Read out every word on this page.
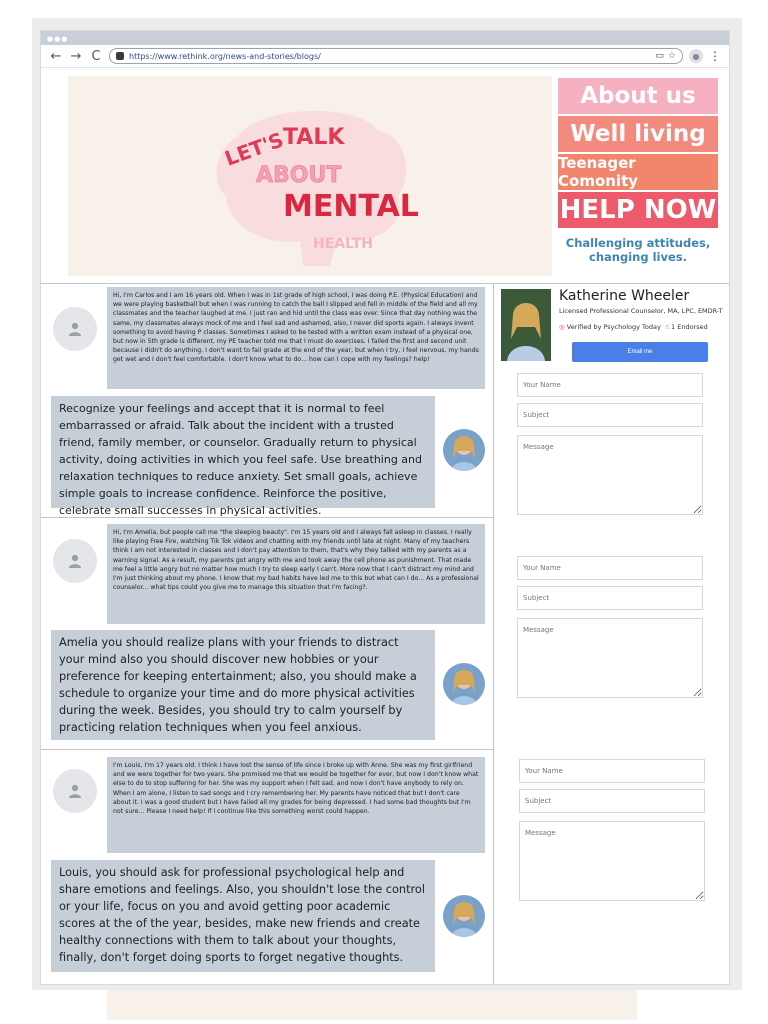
●●●
← → C	https://www.rethink.org/news-and-stories/blogs/	▭ ☆	● ⋮
LET'S
TALK
ABOUT
MENTAL
HEALTH
About us
Well living
Teenager Comonity
HELP NOW
Challenging attitudes,
changing lives.
Hi, I'm Carlos and I am 16 years old. When I was in 1st grade of high school, I was doing P.E. (Physical Education) and we were playing basketball but when I was running to catch the ball I slipped and fell in middle of the field and all my classmates and the teacher laughed at me. I just ran and hid until the class was over. Since that day nothing was the same, my classmates always mock of me and I feel sad and ashamed, also, I never did sports again. I always invent something to avoid having P classes. Sometimes I asked to be tested with a written exam instead of a physical one, but now in 5th grade is different, my PE teacher told me that I must do exercises. I failed the first and second unit because I didn't do anything. I don't want to fail grade at the end of the year, but when I try, I feel nervous, my hands get wet and I don't feel comfortable. I don't know what to do... how can I cope with my feelings? help!
Recognize your feelings and accept that it is normal to feel embarrassed or afraid. Talk about the incident with a trusted friend, family member, or counselor. Gradually return to physical activity, doing activities in which you feel safe. Use breathing and relaxation techniques to reduce anxiety. Set small goals, achieve simple goals to increase confidence. Reinforce the positive, celebrate small successes in physical activities.
Hi, I'm Amelia, but people call me "the sleeping beauty". I'm 15 years old and I always fall asleep in classes. I really like playing Free Fire, watching Tik Tok videos and chatting with my friends until late at night. Many of my teachers think I am not interested in classes and I don't pay attention to them, that's why they talked with my parents as a warning signal. As a result, my parents got angry with me and took away the cell phone as punishment. That made me feel a little angry but no matter how much I try to sleep early I can't. More now that I can't distract my mind and I'm just thinking about my phone. I know that my bad habits have led me to this but what can I do... As a professional counselor... what tips could you give me to manage this situation that I'm facing?.
Amelia you should realize plans with your friends to distract your mind also you should discover new hobbies or your preference for keeping entertainment; also, you should make a schedule to organize your time and do more physical activities during the week. Besides, you should try to calm yourself by practicing relation techniques when you feel anxious.
I'm Louis, I'm 17 years old. I think I have lost the sense of life since I broke up with Anne. She was my first girlfriend and we were together for two years. She promised me that we would be together for ever, but now I don't know what else to do to stop suffering for her. She was my support when I felt sad, and now I don't have anybody to rely on. When I am alone, I listen to sad songs and I cry remembering her. My parents have noticed that but I don't care about it. I was a good student but I have failed all my grades for being depressed. I had some bad thoughts but I'm not sure... Please I need help! If I continue like this something worst could happen.
Louis, you should ask for professional psychological help and share emotions and feelings. Also, you shouldn't lose the control or your life, focus on you and avoid getting poor academic scores at the of the year, besides, make new friends and create healthy connections with them to talk about your thoughts, finally, don't forget doing sports to forget negative thoughts.
Katherine Wheeler
Licensed Professional Counselor, MA, LPC, EMDR-T
◎ Verified by Psychology Today ☝ 1 Endorsed
Email me
Your Name
Subject
Message
Your Name
Subject
Message
Your Name
Subject
Message
